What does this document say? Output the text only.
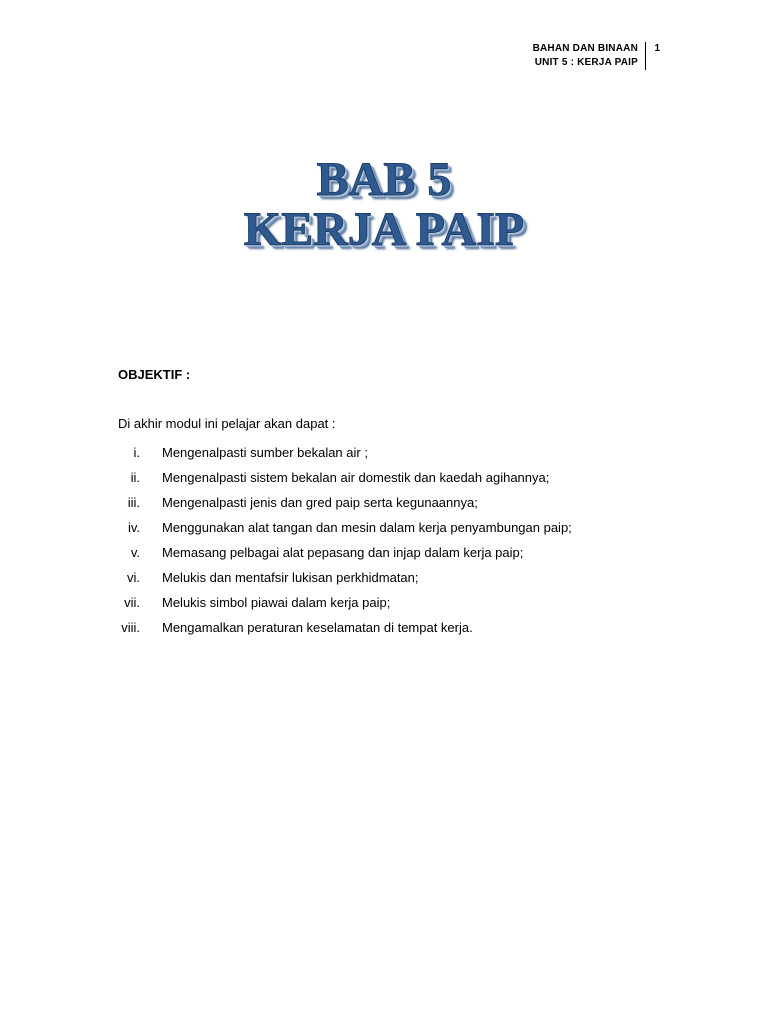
BAHAN DAN BINAAN
UNIT 5 : KERJA PAIP
1
BAB 5
KERJA PAIP
OBJEKTIF :
Di akhir modul ini pelajar akan dapat :
i. Mengenalpasti sumber bekalan air ;
ii. Mengenalpasti sistem bekalan air domestik dan kaedah agihannya;
iii. Mengenalpasti jenis dan gred paip serta kegunaannya;
iv. Menggunakan alat tangan dan mesin dalam kerja penyambungan paip;
v. Memasang pelbagai alat pepasang dan injap dalam kerja paip;
vi. Melukis dan mentafsir lukisan perkhidmatan;
vii. Melukis simbol piawai dalam kerja paip;
viii. Mengamalkan peraturan keselamatan di tempat kerja.
